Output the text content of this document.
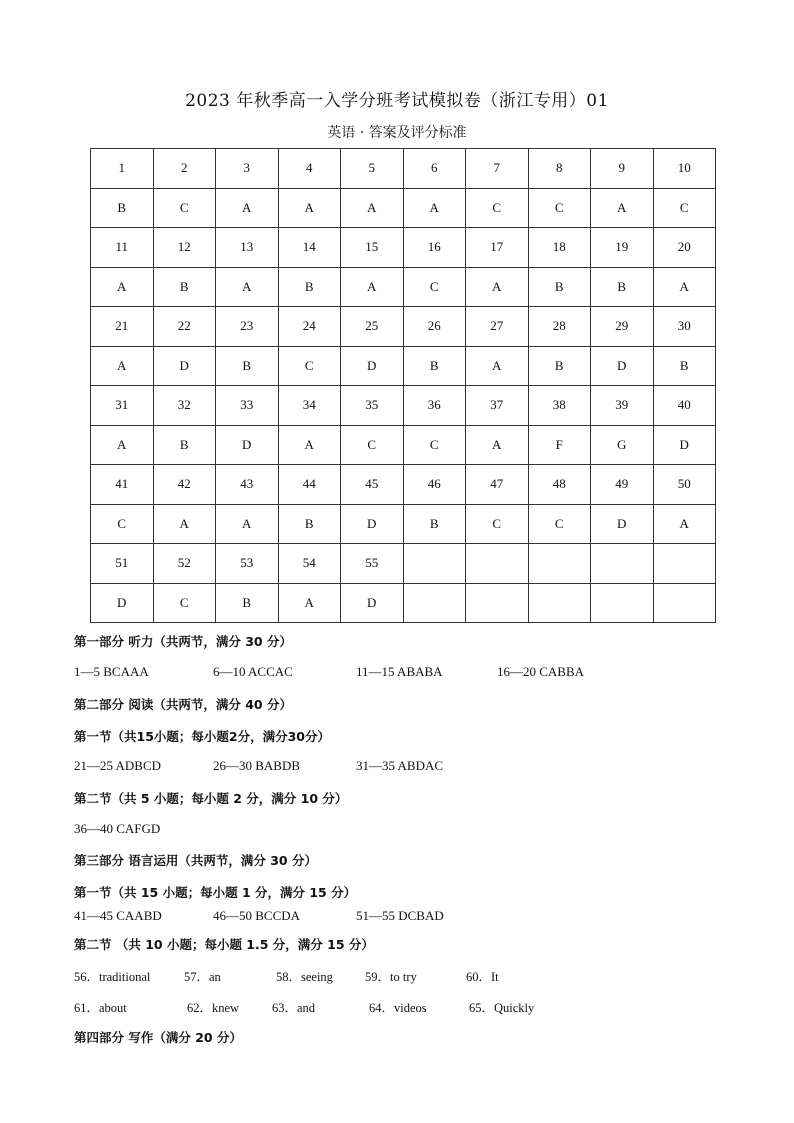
2023 年秋季高一入学分班考试模拟卷（浙江专用）01
英语 · 答案及评分标准
1	2	3	4	5	6	7	8	9	10
B	C	A	A	A	A	C	C	A	C
11	12	13	14	15	16	17	18	19	20
A	B	A	B	A	C	A	B	B	A
21	22	23	24	25	26	27	28	29	30
A	D	B	C	D	B	A	B	D	B
31	32	33	34	35	36	37	38	39	40
A	B	D	A	C	C	A	F	G	D
41	42	43	44	45	46	47	48	49	50
C	A	A	B	D	B	C	C	D	A
51	52	53	54	55					
D	C	B	A	D					
第一部分 听力（共两节，满分 30 分）
1—5 BCAAA	6—10 ACCAC	11—15 ABABA	16—20 CABBA
第二部分 阅读（共两节，满分 40 分）
第一节（共15小题；每小题2分，满分30分）
21—25 ADBCD	26—30 BABDB	31—35 ABDAC
第二节（共 5 小题；每小题 2 分，满分 10 分）
36—40 CAFGD
第三部分 语言运用（共两节，满分 30 分）
第一节（共 15 小题；每小题 1 分，满分 15 分）
41—45 CAABD	46—50 BCCDA	51—55 DCBAD
第二节 （共 10 小题；每小题 1.5 分，满分 15 分）
56．traditional	57．an	58．seeing	59．to try	60．It
61．about	62．knew	63．and	64．videos	65．Quickly
第四部分 写作（满分 20 分）
